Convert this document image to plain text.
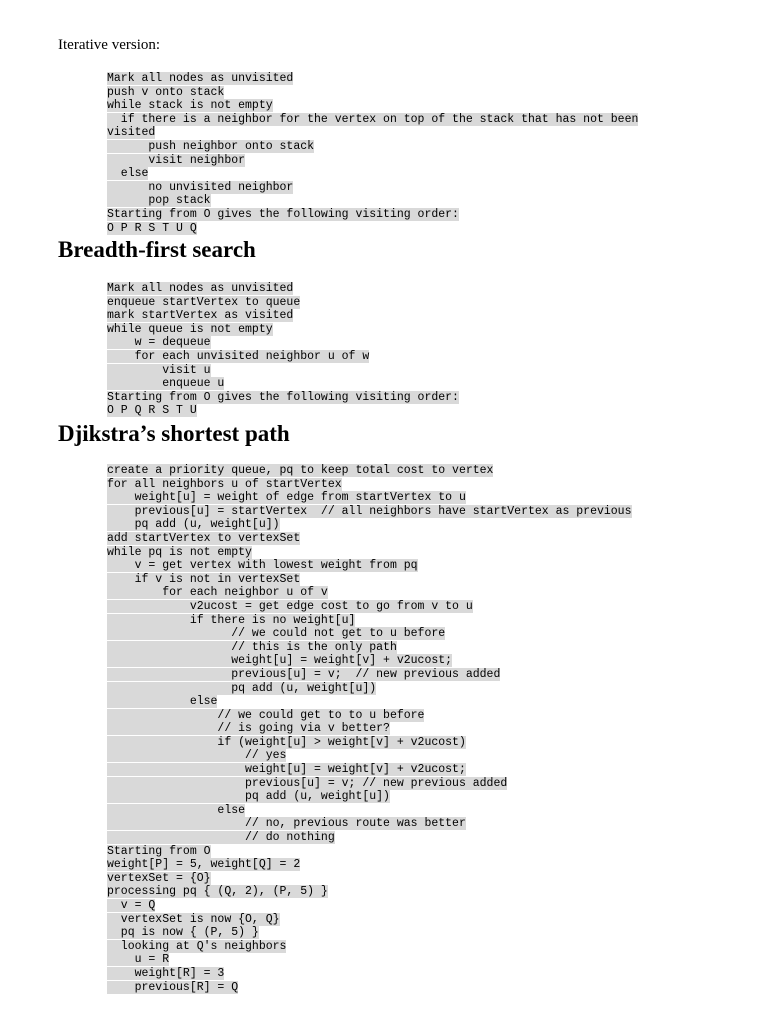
Iterative version:
Mark all nodes as unvisited
push v onto stack
while stack is not empty
if there is a neighbor for the vertex on top of the stack that has not been
visited
push neighbor onto stack
visit neighbor
else
no unvisited neighbor
pop stack
Starting from O gives the following visiting order:
O P R S T U Q
Breadth-first search
Mark all nodes as unvisited
enqueue startVertex to queue
mark startVertex as visited
while queue is not empty
w = dequeue
for each unvisited neighbor u of w
visit u
enqueue u
Starting from O gives the following visiting order:
O P Q R S T U
Djikstra’s shortest path
create a priority queue, pq to keep total cost to vertex
for all neighbors u of startVertex
weight[u] = weight of edge from startVertex to u
previous[u] = startVertex  // all neighbors have startVertex as previous
pq add (u, weight[u])
add startVertex to vertexSet
while pq is not empty
v = get vertex with lowest weight from pq
if v is not in vertexSet
for each neighbor u of v
v2ucost = get edge cost to go from v to u
if there is no weight[u]
// we could not get to u before
// this is the only path
weight[u] = weight[v] + v2ucost;
previous[u] = v;  // new previous added
pq add (u, weight[u])
else
// we could get to to u before
// is going via v better?
if (weight[u] > weight[v] + v2ucost)
// yes
weight[u] = weight[v] + v2ucost;
previous[u] = v; // new previous added
pq add (u, weight[u])
else
// no, previous route was better
// do nothing
Starting from O
weight[P] = 5, weight[Q] = 2
vertexSet = {O}
processing pq { (Q, 2), (P, 5) }
v = Q
vertexSet is now {O, Q}
pq is now { (P, 5) }
looking at Q's neighbors
u = R
weight[R] = 3
previous[R] = Q
